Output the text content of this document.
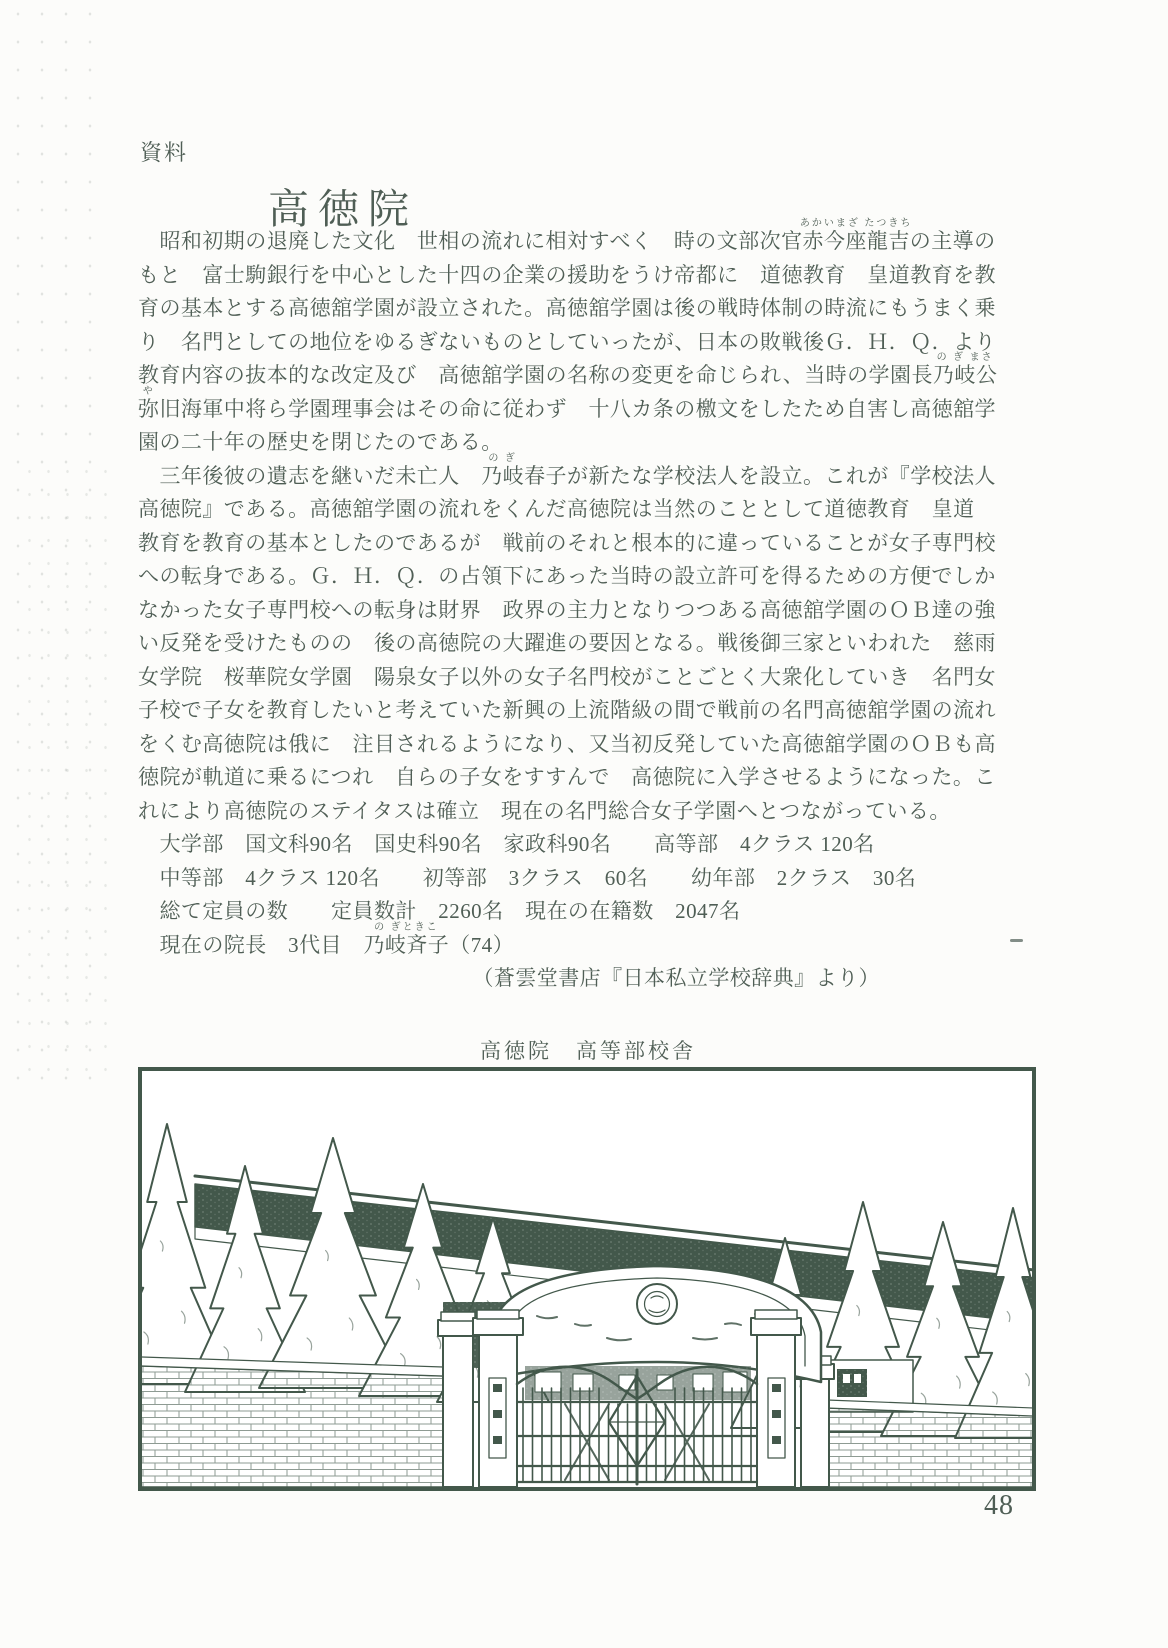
資料
高徳院
　昭和初期の退廃した文化　世相の流れに相対すべく　時の文部次官
あかいまざ たつきち
赤今座龍吉の主導の
もと　富士駒銀行を中心とした十四の企業の援助をうけ帝都に　道徳教育　皇道教育を教
育の基本とする高徳舘学園が設立された。高徳舘学園は後の戦時体制の時流にもうまく乗
り　名門としての地位をゆるぎないものとしていったが、日本の敗戦後Ｇ．Ｈ．Ｑ．より
教育内容の抜本的な改定及び　高徳舘学園の名称の変更を命じられ、当時の学園長
の ぎ まさ
乃岐公
や
弥旧海軍中将ら学園理事会はその命に従わず　十八カ条の檄文をしたため自害し高徳舘学
園の二十年の歴史を閉じたのである。
　三年後彼の遺志を継いだ未亡人　
の ぎ
乃岐春子が新たな学校法人を設立。これが『学校法人
高徳院』である。高徳舘学園の流れをくんだ高徳院は当然のこととして道徳教育　皇道
教育を教育の基本としたのであるが　戦前のそれと根本的に違っていることが女子専門校
への転身である。Ｇ．Ｈ．Ｑ．の占領下にあった当時の設立許可を得るための方便でしか
なかった女子専門校への転身は財界　政界の主力となりつつある高徳舘学園のＯＢ達の強
い反発を受けたものの　後の高徳院の大躍進の要因となる。戦後御三家といわれた　慈雨
女学院　桜華院女学園　陽泉女子以外の女子名門校がことごとく大衆化していき　名門女
子校で子女を教育したいと考えていた新興の上流階級の間で戦前の名門高徳舘学園の流れ
をくむ高徳院は俄に　注目されるようになり、又当初反発していた高徳舘学園のＯＢも高
徳院が軌道に乗るにつれ　自らの子女をすすんで　高徳院に入学させるようになった。こ
れにより高徳院のステイタスは確立　現在の名門総合女子学園へとつながっている。
　大学部　国文科90名　国史科90名　家政科90名　　高等部　4クラス 120名
　中等部　4クラス 120名　　初等部　3クラス　60名　　幼年部　2クラス　30名
　総て定員の数　　定員数計　2260名　現在の在籍数　2047名
　現在の院長　3代目　
の ぎときこ
乃岐斉子（74）
（蒼雲堂書店『日本私立学校辞典』より）
高徳院　高等部校舎
48
